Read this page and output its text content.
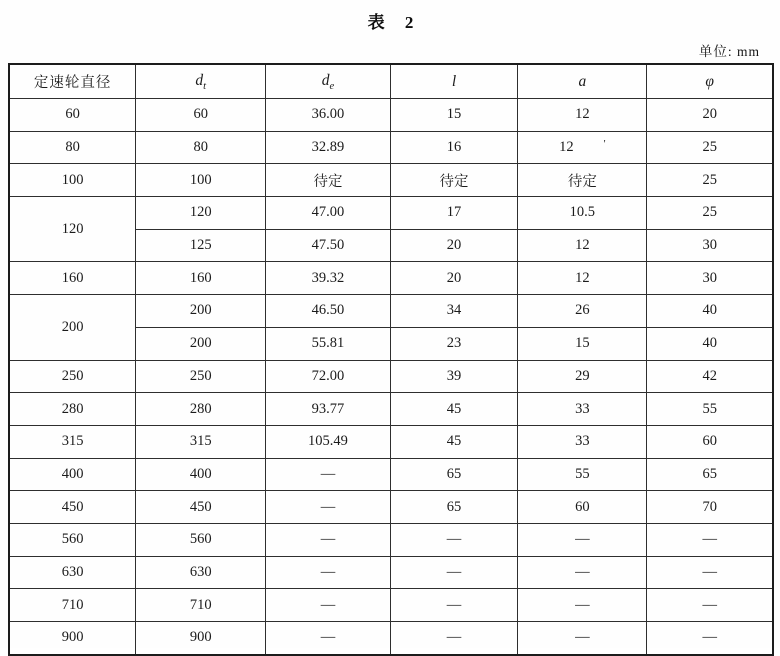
表 2
单位: mm
定速轮直径	$d_t$	$d_e$	l	a	φ
60	60	36.00	15	12	20
80	80	32.89	16	12 '	25
100	100	待定	待定	待定	25
120	120	47.00	17	10.5	25
	125	47.50	20	12	30
160	160	39.32	20	12	30
200	200	46.50	34	26	40
	200	55.81	23	15	40
250	250	72.00	39	29	42
280	280	93.77	45	33	55
315	315	105.49	45	33	60
400	400	—	65	55	65
450	450	—	65	60	70
560	560	—	—	—	—
630	630	—	—	—	—
710	710	—	—	—	—
900	900	—	—	—	—
